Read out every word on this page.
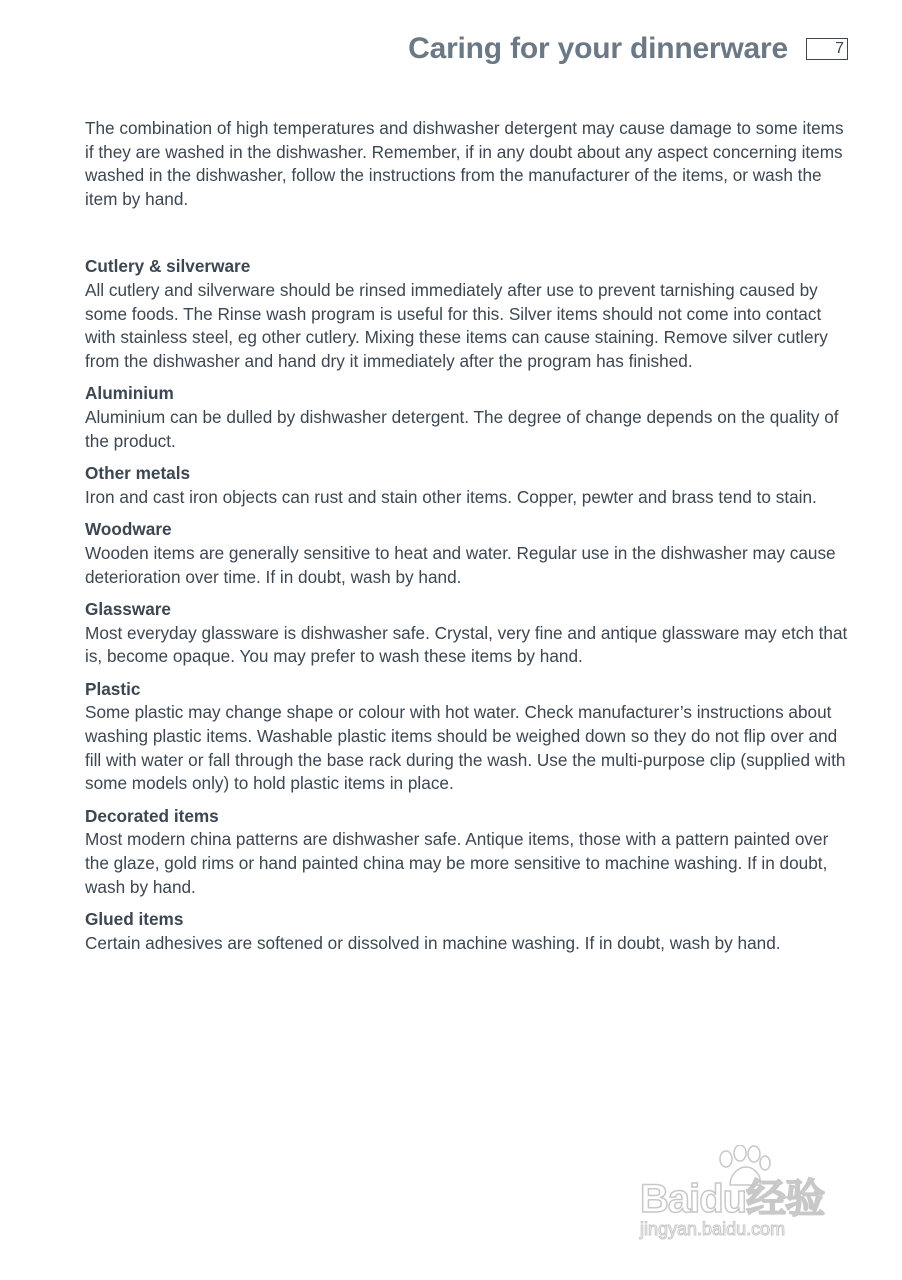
Caring for your dinnerware	7

The combination of high temperatures and dishwasher detergent may cause damage to some items if they are washed in the dishwasher. Remember, if in any doubt about any aspect concerning items washed in the dishwasher, follow the instructions from the manufacturer of the items, or wash the item by hand.

Cutlery & silverware

All cutlery and silverware should be rinsed immediately after use to prevent tarnishing caused by some foods. The Rinse wash program is useful for this. Silver items should not come into contact with stainless steel, eg other cutlery. Mixing these items can cause staining. Remove silver cutlery from the dishwasher and hand dry it immediately after the program has finished.

Aluminium

Aluminium can be dulled by dishwasher detergent. The degree of change depends on the quality of the product.

Other metals

Iron and cast iron objects can rust and stain other items. Copper, pewter and brass tend to stain.

Woodware

Wooden items are generally sensitive to heat and water. Regular use in the dishwasher may cause deterioration over time. If in doubt, wash by hand.

Glassware

Most everyday glassware is dishwasher safe. Crystal, very fine and antique glassware may etch that is, become opaque. You may prefer to wash these items by hand.

Plastic

Some plastic may change shape or colour with hot water. Check manufacturer’s instructions about washing plastic items. Washable plastic items should be weighed down so they do not flip over and fill with water or fall through the base rack during the wash. Use the multi-purpose clip (supplied with some models only) to hold plastic items in place.

Decorated items

Most modern china patterns are dishwasher safe. Antique items, those with a pattern painted over the glaze, gold rims or hand painted china may be more sensitive to machine washing. If in doubt, wash by hand.

Glued items

Certain adhesives are softened or dissolved in machine washing. If in doubt, wash by hand.

Baidu经验
jingyan.baidu.com
